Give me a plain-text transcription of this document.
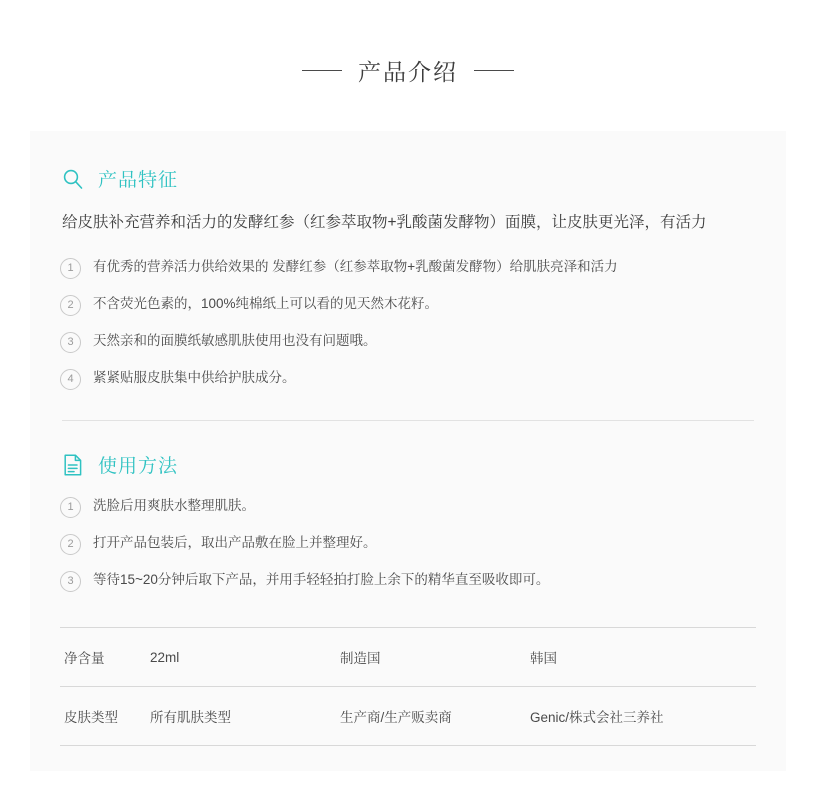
产品介绍
产品特征
给皮肤补充营养和活力的发酵红参（红参萃取物+乳酸菌发酵物）面膜，让皮肤更光泽，有活力
1	有优秀的营养活力供给效果的 发酵红参（红参萃取物+乳酸菌发酵物）给肌肤亮泽和活力
2	不含荧光色素的，100%纯棉纸上可以看的见天然木花籽。
3	天然亲和的面膜纸敏感肌肤使用也没有问题哦。
4	紧紧贴服皮肤集中供给护肤成分。
使用方法
1	洗脸后用爽肤水整理肌肤。
2	打开产品包装后，取出产品敷在脸上并整理好。
3	等待15~20分钟后取下产品，并用手轻轻拍打脸上余下的精华直至吸收即可。
净含量	22ml	制造国	韩国
皮肤类型	所有肌肤类型	生产商/生产贩卖商	Genic/株式会社三养社
